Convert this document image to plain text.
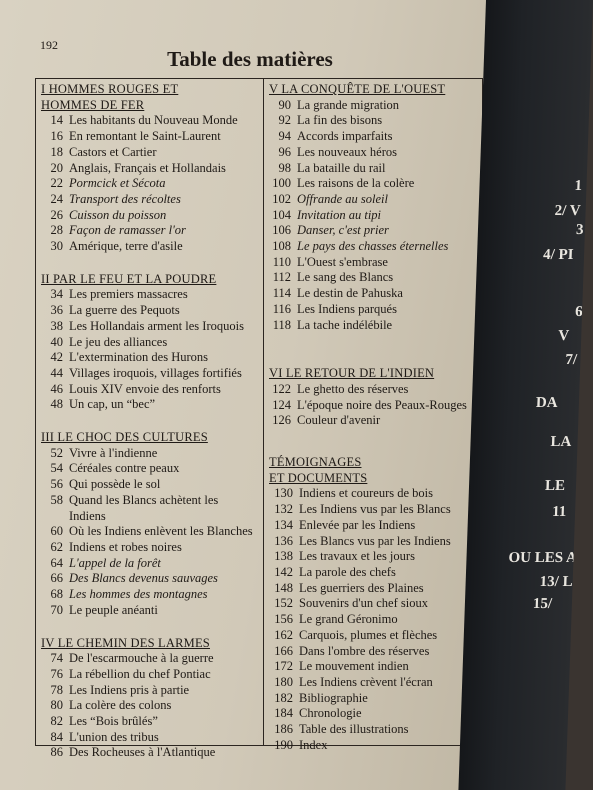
192
Table des matières
I HOMMES ROUGES ET
HOMMES DE FER
14 Les habitants du Nouveau Monde
16 En remontant le Saint-Laurent
18 Castors et Cartier
20 Anglais, Français et Hollandais
22 Pormcick et Sécota
24 Transport des récoltes
26 Cuisson du poisson
28 Façon de ramasser l'or
30 Amérique, terre d'asile
II PAR LE FEU ET LA POUDRE
34 Les premiers massacres
36 La guerre des Pequots
38 Les Hollandais arment les Iroquois
40 Le jeu des alliances
42 L'extermination des Hurons
44 Villages iroquois, villages fortifiés
46 Louis XIV envoie des renforts
48 Un cap, un “bec”
III LE CHOC DES CULTURES
52 Vivre à l'indienne
54 Céréales contre peaux
56 Qui possède le sol
58 Quand les Blancs achètent les
Indiens
60 Où les Indiens enlèvent les Blanches
62 Indiens et robes noires
64 L'appel de la forêt
66 Des Blancs devenus sauvages
68 Les hommes des montagnes
70 Le peuple anéanti
IV LE CHEMIN DES LARMES
74 De l'escarmouche à la guerre
76 La rébellion du chef Pontiac
78 Les Indiens pris à partie
80 La colère des colons
82 Les “Bois brûlés”
84 L'union des tribus
86 Des Rocheuses à l'Atlantique
V LA CONQUÊTE DE L'OUEST
90 La grande migration
92 La fin des bisons
94 Accords imparfaits
96 Les nouveaux héros
98 La bataille du rail
100 Les raisons de la colère
102 Offrande au soleil
104 Invitation au tipi
106 Danser, c'est prier
108 Le pays des chasses éternelles
110 L'Ouest s'embrase
112 Le sang des Blancs
114 Le destin de Pahuska
116 Les Indiens parqués
118 La tache indélébile
VI LE RETOUR DE L'INDIEN
122 Le ghetto des réserves
124 L'époque noire des Peaux-Rouges
126 Couleur d'avenir
TÉMOIGNAGES
ET DOCUMENTS
130 Indiens et coureurs de bois
132 Les Indiens vus par les Blancs
134 Enlevée par les Indiens
136 Les Blancs vus par les Indiens
138 Les travaux et les jours
142 La parole des chefs
148 Les guerriers des Plaines
152 Souvenirs d'un chef sioux
156 Le grand Géronimo
162 Carquois, plumes et flèches
166 Dans l'ombre des réserves
172 Le mouvement indien
180 Les Indiens crèvent l'écran
182 Bibliographie
184 Chronologie
186 Table des illustrations
190 Index
1
2/ V
3
4/ PI
6
V
7/
DA
LA
LE
11
OU LES A
13/ L
15/
